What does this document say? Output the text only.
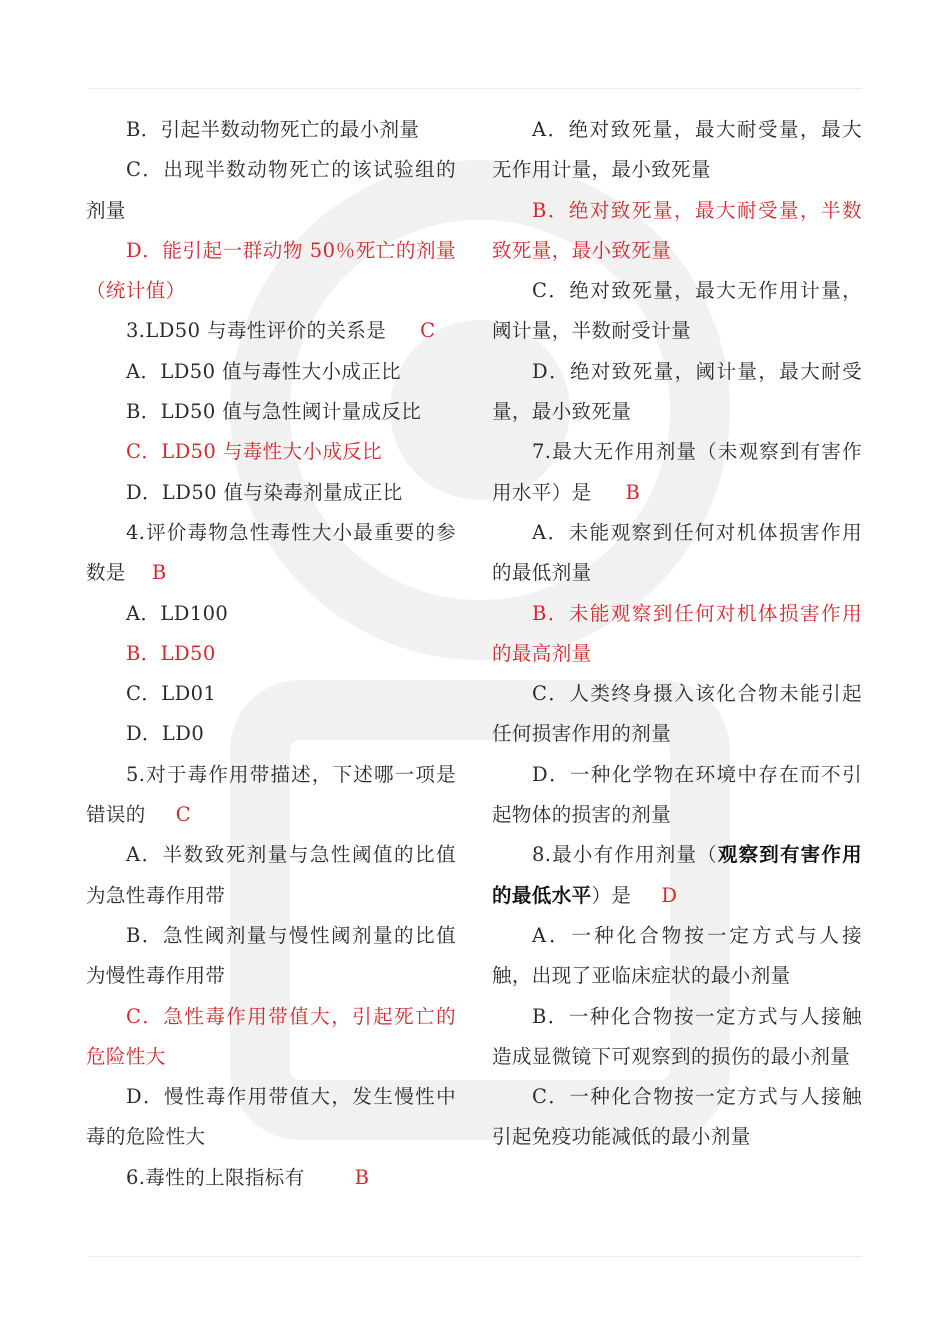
B．引起半数动物死亡的最小剂量

C．出现半数动物死亡的该试验组的剂量

D．能引起一群动物 50％死亡的剂量（统计值）

3.LD50 与毒性评价的关系是 C

A．LD50 值与毒性大小成正比

B．LD50 值与急性阈计量成反比

C．LD50 与毒性大小成反比

D．LD50 值与染毒剂量成正比

4.评价毒物急性毒性大小最重要的参数是 B

A．LD100

B．LD50

C．LD01

D．LD0

5.对于毒作用带描述，下述哪一项是错误的 C

A．半数致死剂量与急性阈值的比值为急性毒作用带

B．急性阈剂量与慢性阈剂量的比值为慢性毒作用带

C．急性毒作用带值大，引起死亡的危险性大

D．慢性毒作用带值大，发生慢性中毒的危险性大

6.毒性的上限指标有	B

A．绝对致死量，最大耐受量，最大无作用计量，最小致死量

B．绝对致死量，最大耐受量，半数致死量，最小致死量

C．绝对致死量，最大无作用计量，阈计量，半数耐受计量

D．绝对致死量，阈计量，最大耐受量，最小致死量

7.最大无作用剂量（未观察到有害作用水平）是 B

A．未能观察到任何对机体损害作用的最低剂量

B．未能观察到任何对机体损害作用的最高剂量

C．人类终身摄入该化合物未能引起任何损害作用的剂量

D．一种化学物在环境中存在而不引起物体的损害的剂量

8.最小有作用剂量（观察到有害作用的最低水平）是 D

A．一种化合物按一定方式与人接触，出现了亚临床症状的最小剂量

B．一种化合物按一定方式与人接触造成显微镜下可观察到的损伤的最小剂量

C．一种化合物按一定方式与人接触引起免疫功能减低的最小剂量
